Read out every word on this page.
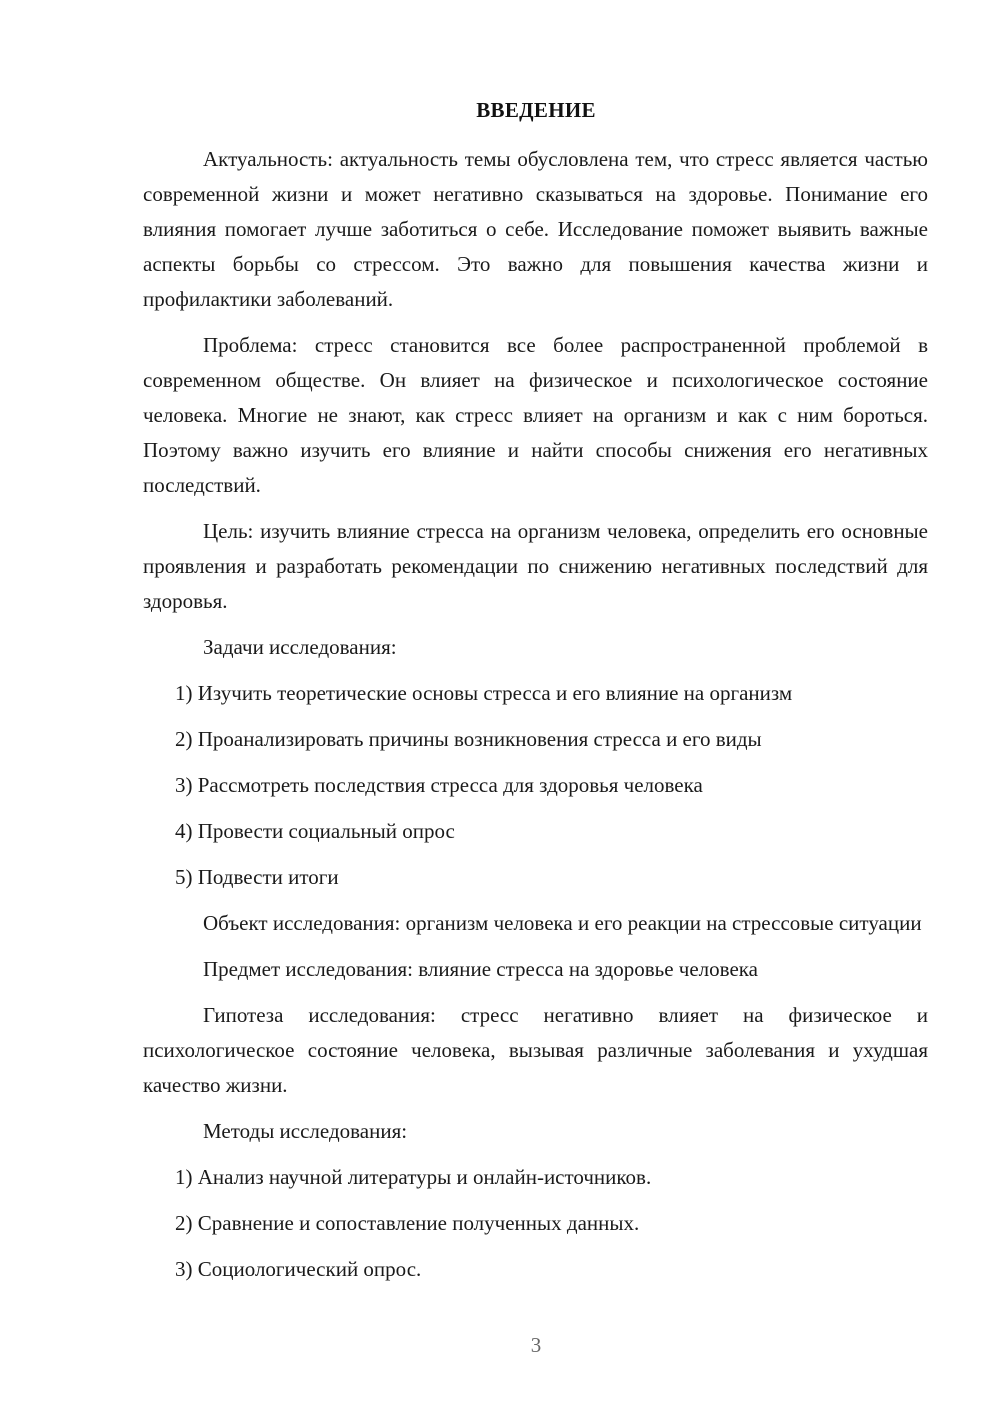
ВВЕДЕНИЕ

Актуальность: актуальность темы обусловлена тем, что стресс является частью современной жизни и может негативно сказываться на здоровье. Понимание его влияния помогает лучше заботиться о себе. Исследование поможет выявить важные аспекты борьбы со стрессом. Это важно для повышения качества жизни и профилактики заболеваний.

Проблема: стресс становится все более распространенной проблемой в современном обществе. Он влияет на физическое и психологическое состояние человека. Многие не знают, как стресс влияет на организм и как с ним бороться. Поэтому важно изучить его влияние и найти способы снижения его негативных последствий.

Цель: изучить влияние стресса на организм человека, определить его основные проявления и разработать рекомендации по снижению негативных последствий для здоровья.

Задачи исследования:

1) Изучить теоретические основы стресса и его влияние на организм
2) Проанализировать причины возникновения стресса и его виды
3) Рассмотреть последствия стресса для здоровья человека
4) Провести социальный опрос
5) Подвести итоги

Объект исследования: организм человека и его реакции на стрессовые ситуации

Предмет исследования: влияние стресса на здоровье человека

Гипотеза исследования: стресс негативно влияет на физическое и психологическое состояние человека, вызывая различные заболевания и ухудшая качество жизни.

Методы исследования:

1) Анализ научной литературы и онлайн-источников.
2) Сравнение и сопоставление полученных данных.
3) Социологический опрос.
3
